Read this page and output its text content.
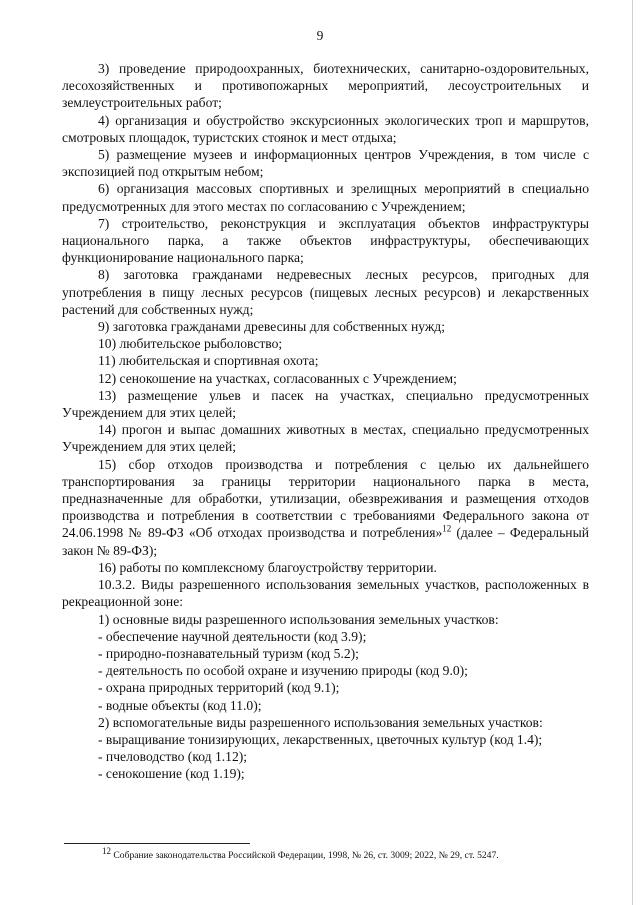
9

3) проведение природоохранных, биотехнических, санитарно-оздоровительных, лесохозяйственных и противопожарных мероприятий, лесоустроительных и землеустроительных работ;

4) организация и обустройство экскурсионных экологических троп и маршрутов, смотровых площадок, туристских стоянок и мест отдыха;

5) размещение музеев и информационных центров Учреждения, в том числе с экспозицией под открытым небом;

6) организация массовых спортивных и зрелищных мероприятий в специально предусмотренных для этого местах по согласованию с Учреждением;

7) строительство, реконструкция и эксплуатация объектов инфраструктуры национального парка, а также объектов инфраструктуры, обеспечивающих функционирование национального парка;

8) заготовка гражданами недревесных лесных ресурсов, пригодных для употребления в пищу лесных ресурсов (пищевых лесных ресурсов) и лекарственных растений для собственных нужд;

9) заготовка гражданами древесины для собственных нужд;

10) любительское рыболовство;

11) любительская и спортивная охота;

12) сенокошение на участках, согласованных с Учреждением;

13) размещение ульев и пасек на участках, специально предусмотренных Учреждением для этих целей;

14) прогон и выпас домашних животных в местах, специально предусмотренных Учреждением для этих целей;

15) сбор отходов производства и потребления с целью их дальнейшего транспортирования за границы территории национального парка в места, предназначенные для обработки, утилизации, обезвреживания и размещения отходов производства и потребления в соответствии с требованиями Федерального закона от 24.06.1998 № 89-ФЗ «Об отходах производства и потребления»$^{12}$ (далее – Федеральный закон № 89-ФЗ);

16) работы по комплексному благоустройству территории.

10.3.2. Виды разрешенного использования земельных участков, расположенных в рекреационной зоне:

1) основные виды разрешенного использования земельных участков:

- обеспечение научной деятельности (код 3.9);

- природно-познавательный туризм (код 5.2);

- деятельность по особой охране и изучению природы (код 9.0);

- охрана природных территорий (код 9.1);

- водные объекты (код 11.0);

2) вспомогательные виды разрешенного использования земельных участков:

- выращивание тонизирующих, лекарственных, цветочных культур (код 1.4);

- пчеловодство (код 1.12);

- сенокошение (код 1.19);

$^{12}$ Собрание законодательства Российской Федерации, 1998, № 26, ст. 3009; 2022, № 29, ст. 5247.
